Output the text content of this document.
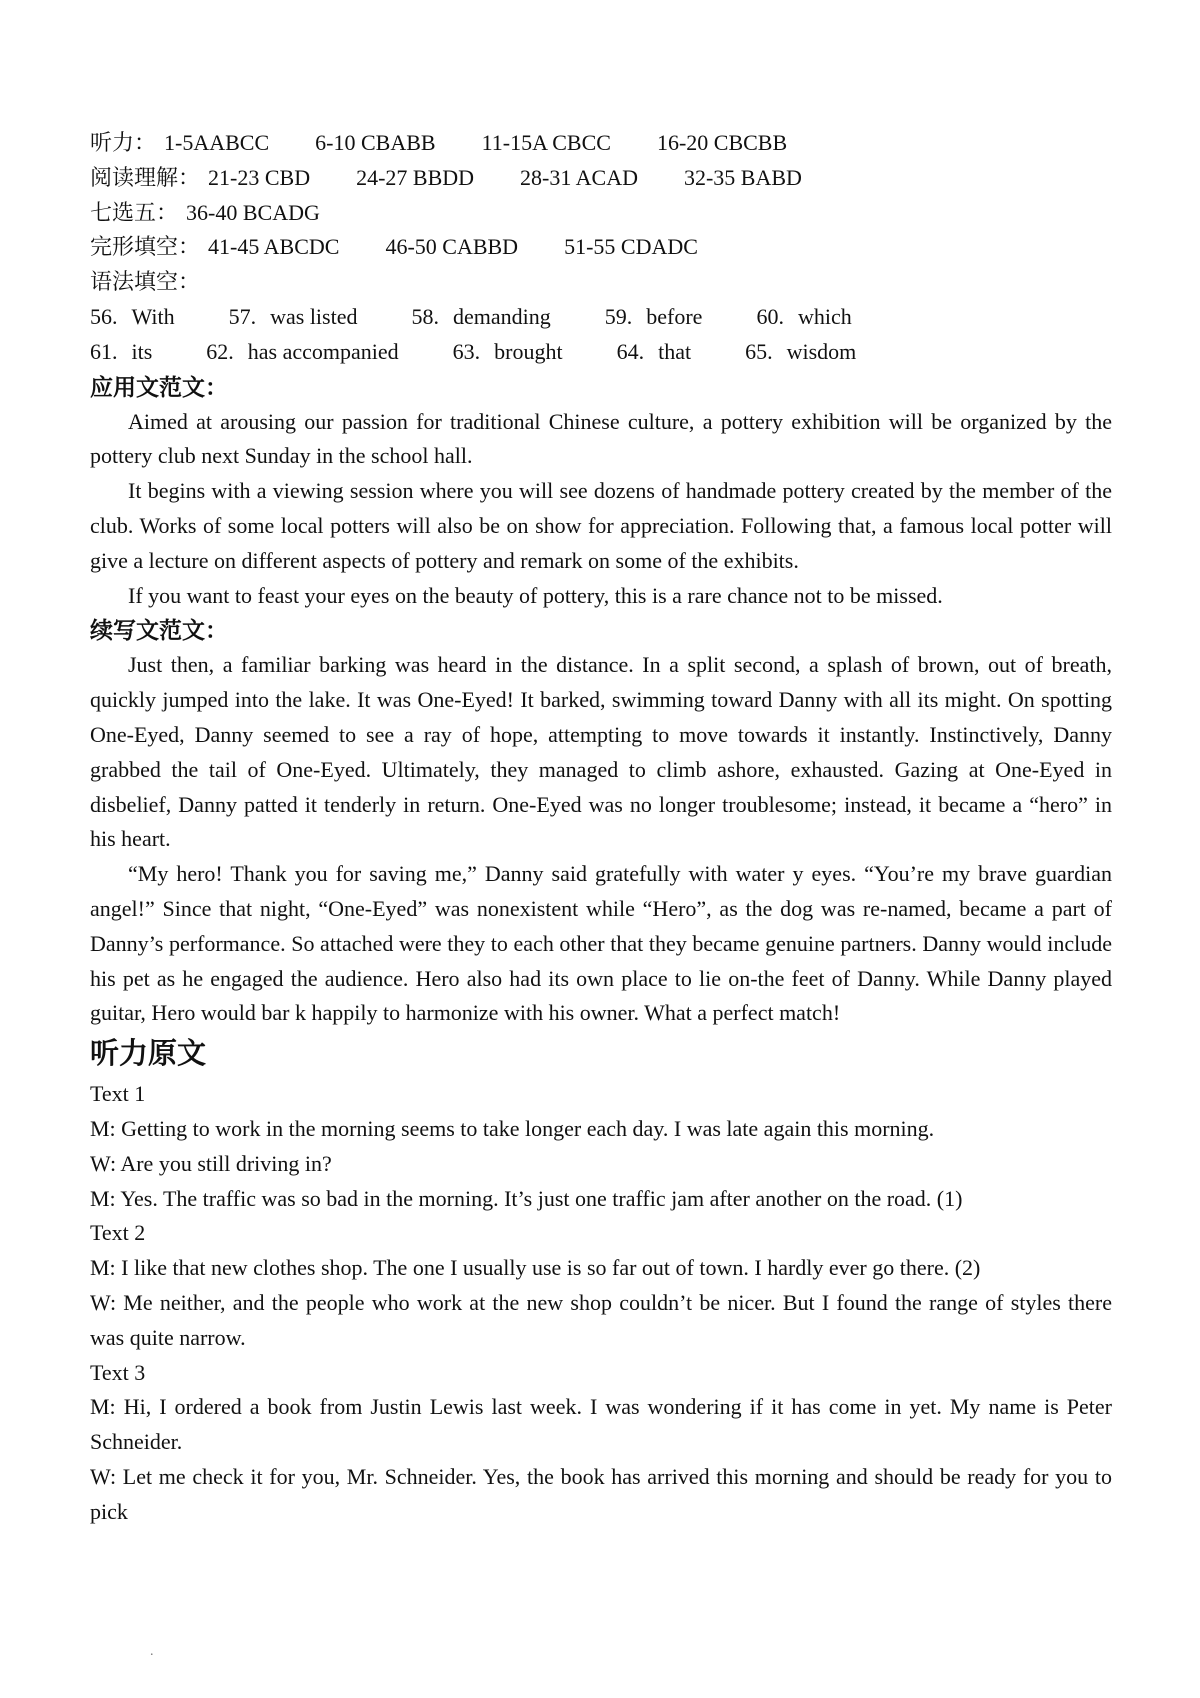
听力： 1-5AABCC 6-10 CBABB 11-15A CBCC 16-20 CBCBB
阅读理解： 21-23 CBD 24-27 BBDD 28-31 ACAD 32-35 BABD
七选五： 36-40 BCADG
完形填空： 41-45 ABCDC 46-50 CABBD 51-55 CDADC
语法填空：
56. With 57. was listed 58. demanding 59. before 60. which
61. its 62. has accompanied 63. brought 64. that 65. wisdom
应用文范文：

Aimed at arousing our passion for traditional Chinese culture, a pottery exhibition will be organized by the pottery club next Sunday in the school hall.

It begins with a viewing session where you will see dozens of handmade pottery created by the member of the club. Works of some local potters will also be on show for appreciation. Following that, a famous local potter will give a lecture on different aspects of pottery and remark on some of the exhibits.

If you want to feast your eyes on the beauty of pottery, this is a rare chance not to be missed.

续写文范文：

Just then, a familiar barking was heard in the distance. In a split second, a splash of brown, out of breath, quickly jumped into the lake. It was One-Eyed! It barked, swimming toward Danny with all its might. On spotting One-Eyed, Danny seemed to see a ray of hope, attempting to move towards it instantly. Instinctively, Danny grabbed the tail of One-Eyed. Ultimately, they managed to climb ashore, exhausted. Gazing at One-Eyed in disbelief, Danny patted it tenderly in return. One-Eyed was no longer troublesome; instead, it became a “hero” in his heart.

“My hero! Thank you for saving me,” Danny said gratefully with water y eyes. “You’re my brave guardian angel!” Since that night, “One-Eyed” was nonexistent while “Hero”, as the dog was re-named, became a part of Danny’s performance. So attached were they to each other that they became genuine partners. Danny would include his pet as he engaged the audience. Hero also had its own place to lie on-the feet of Danny. While Danny played guitar, Hero would bar k happily to harmonize with his owner. What a perfect match!

听力原文

Text 1

M: Getting to work in the morning seems to take longer each day. I was late again this morning.

W: Are you still driving in?

M: Yes. The traffic was so bad in the morning. It’s just one traffic jam after another on the road. (1)

Text 2

M: I like that new clothes shop. The one I usually use is so far out of town. I hardly ever go there. (2)

W: Me neither, and the people who work at the new shop couldn’t be nicer. But I found the range of styles there was quite narrow.

Text 3

M: Hi, I ordered a book from Justin Lewis last week. I was wondering if it has come in yet. My name is Peter Schneider.

W: Let me check it for you, Mr. Schneider. Yes, the book has arrived this morning and should be ready for you to pick

.
